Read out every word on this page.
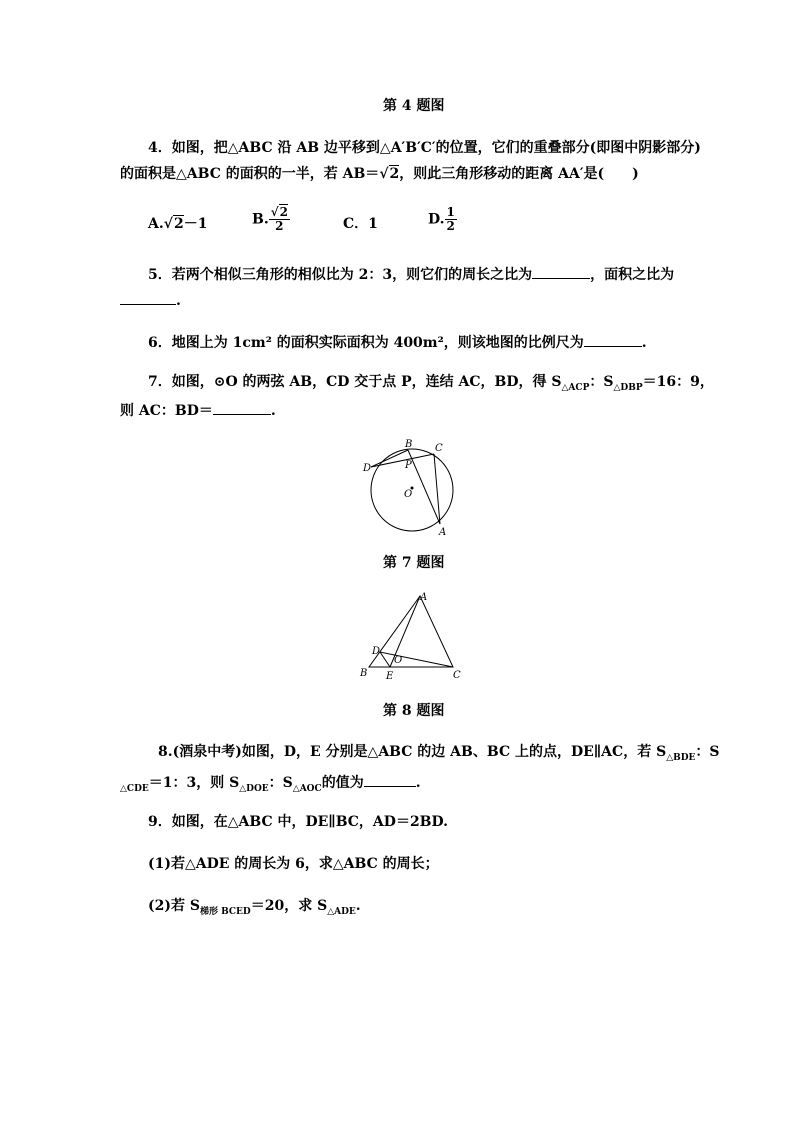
第 4 题图
4．如图，把△ABC 沿 AB 边平移到△A′B′C′的位置，它们的重叠部分(即图中阴影部分)
的面积是△ABC 的面积的一半，若 AB＝√2，则此三角形移动的距离 AA′是(　　)
A.√2－1	B. $\frac{√2}{2}$	C．1	D. $\frac{1}{2}$
5．若两个相似三角形的相似比为 2：3，则它们的周长之比为	，面积之比为
.
6．地图上为 1cm² 的面积实际面积为 400m²，则该地图的比例尺为	.
7．如图，⊙O 的两弦 AB，CD 交于点 P，连结 AC，BD，得 $S_{\triangle ACP}$：$S_{\triangle DBP}=16$：9，
则 AC：BD＝	.
B C
D	P
O
A
第 7 题图
A
D
O
B E	C
第 8 题图
8.(酒泉中考)如图，D，E 分别是△ABC 的边 AB、BC 上的点，DE∥AC，若 $S_{\triangle BDE}$：S
$_{\triangle CDE}$＝1：3，则 $S_{\triangle DOE}$：$S_{\triangle AOC}$的值为	.
9．如图，在△ABC 中，DE∥BC，AD＝2BD.
(1)若△ADE 的周长为 6，求△ABC 的周长；
(2)若 $S_{梯形 BCED}=20$，求 $S_{\triangle ADE}$.
